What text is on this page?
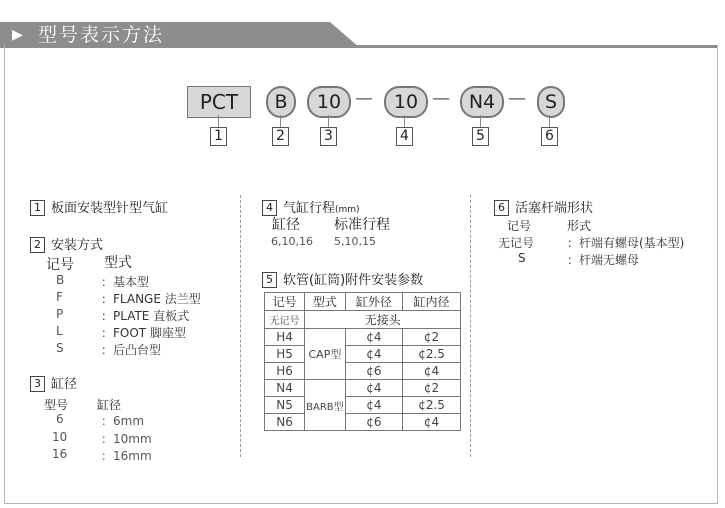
▶ 型号表示方法
PCT	B	10 —	10 — N4 — S
1	2	3	4	5	6
1 板面安装型针型气缸
2 安装方式
记号 型式
B	：基本型
F	：FLANGE 法兰型
P	：PLATE 直板式
L	：FOOT 脚座型
S	：后凸台型
3 缸径
型号 缸径
6	：6mm
10	：10mm
16	：16mm
4 气缸行程(mm)
缸径 标准行程
6,10,16 5,10,15
5 软管(缸筒)附件安装参数
记号	型式	缸外径	缸内径
无记号	无接头		
H4	CAP型	¢4	¢2
H5		¢4	¢2.5
H6		¢6	¢4
N4	BARB型	¢4	¢2
N5		¢4	¢2.5
N6		¢6	¢4
6 活塞杆端形状
记号	形式
无记号	：杆端有螺母(基本型)
S	：杆端无螺母
